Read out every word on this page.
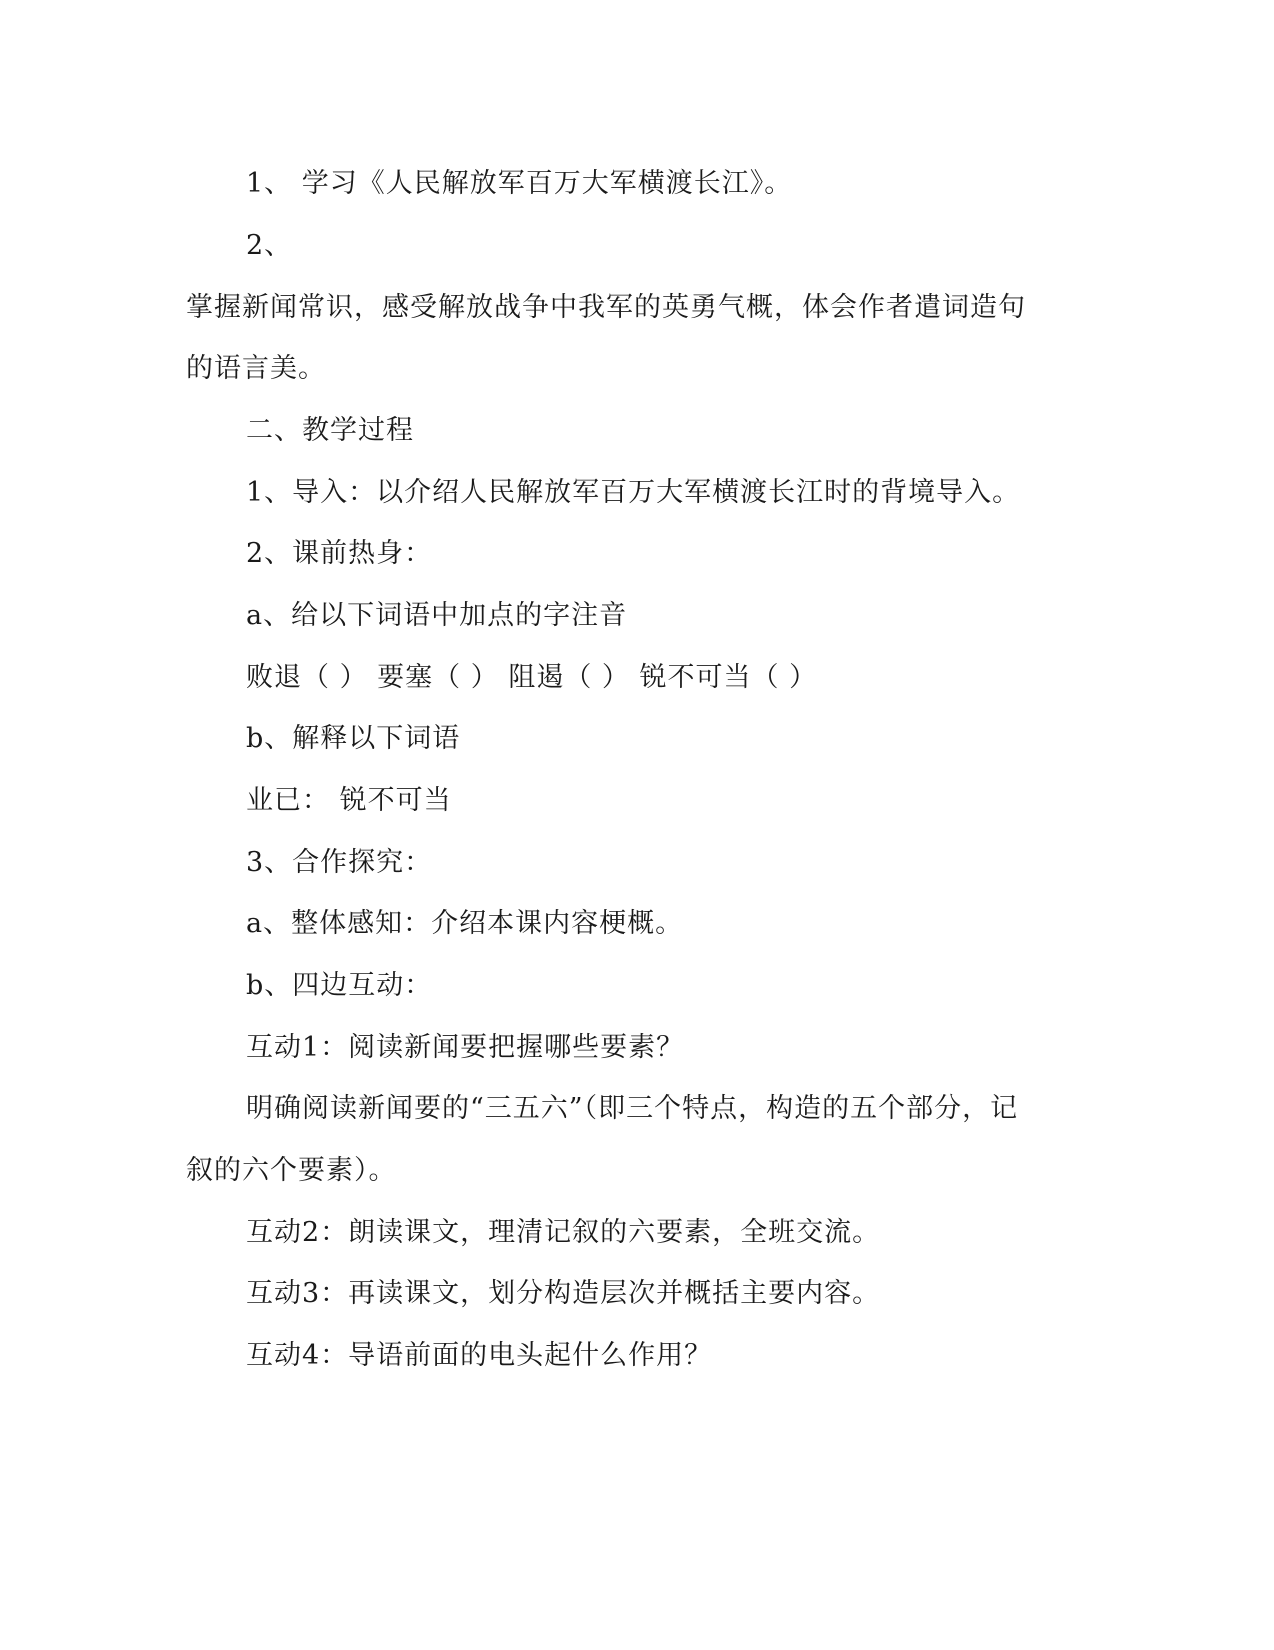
1、 学习《人民解放军百万大军横渡长江》。
2、
掌握新闻常识，感受解放战争中我军的英勇气概，体会作者遣词造句
的语言美。
二、教学过程
1、导入：以介绍人民解放军百万大军横渡长江时的背境导入。
2、课前热身：
a、给以下词语中加点的字注音
败退（ ） 要塞（ ） 阻遏（ ） 锐不可当（ ）
b、解释以下词语
业已： 锐不可当
3、合作探究：
a、整体感知：介绍本课内容梗概。
b、四边互动：
互动1：阅读新闻要把握哪些要素？
明确阅读新闻要的“三五六”（即三个特点，构造的五个部分，记
叙的六个要素）。
互动2：朗读课文，理清记叙的六要素，全班交流。
互动3：再读课文，划分构造层次并概括主要内容。
互动4：导语前面的电头起什么作用？
